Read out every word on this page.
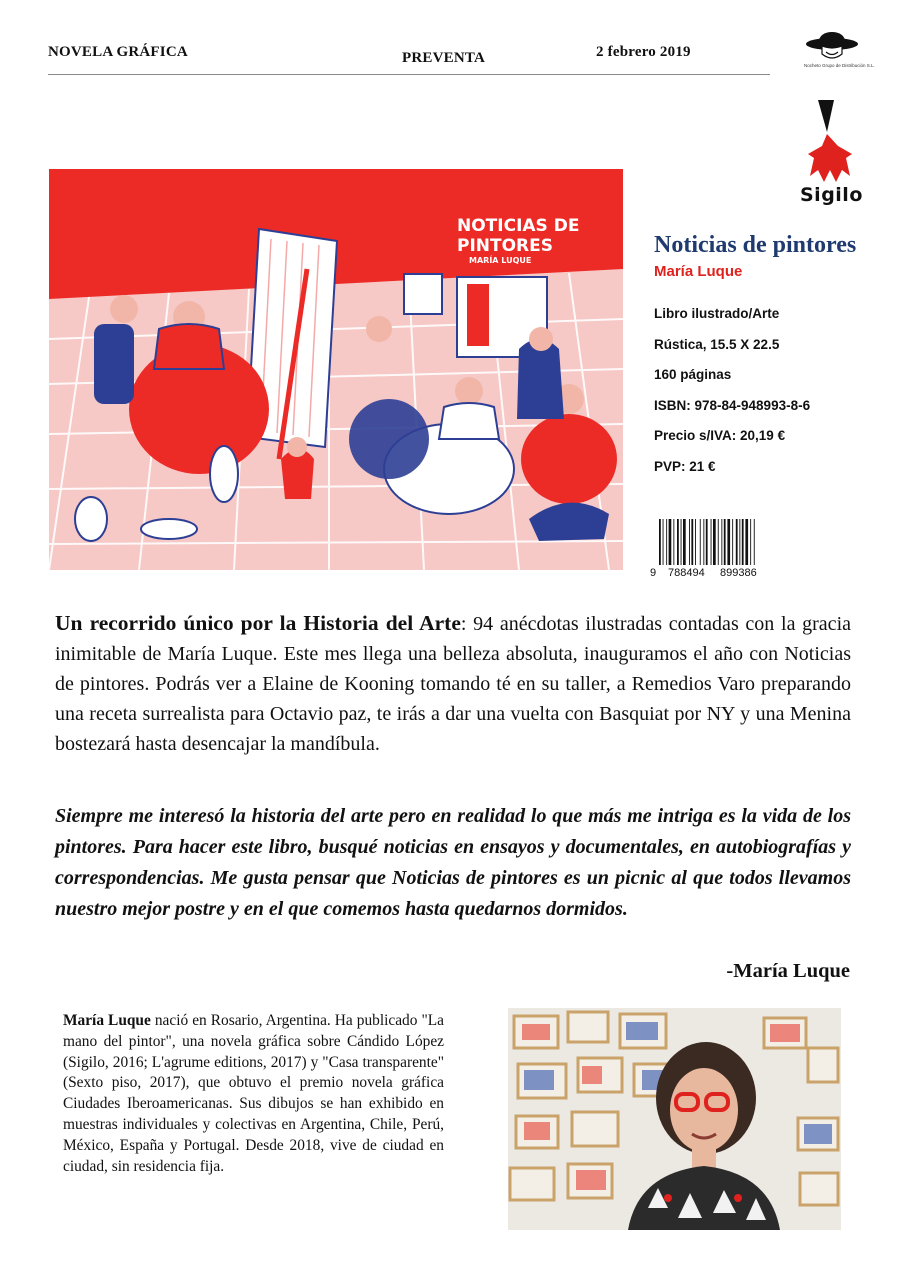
NOVELA GRÁFICA	PREVENTA	2 febrero 2019
Nocheto Grupo de Distribución S.L.
Sigilo
NOTICIAS DE
PINTORES
MARÍA LUQUE
Noticias de pintores
María Luque
Libro ilustrado/Arte
Rústica, 15.5 X 22.5
160 páginas
ISBN: 978-84-948993-8-6
Precio s/IVA: 20,19 €
PVP: 21 €
9 788494 899386

Un recorrido único por la Historia del Arte: 94 anécdotas ilustradas contadas con la gracia inimitable de María Luque. Este mes llega una belleza absoluta, inauguramos el año con Noticias de pintores. Podrás ver a Elaine de Kooning tomando té en su taller, a Remedios Varo preparando una receta surrealista para Octavio paz, te irás a dar una vuelta con Basquiat por NY y una Menina bostezará hasta desencajar la mandíbula.

Siempre me interesó la historia del arte pero en realidad lo que más me intriga es la vida de los pintores. Para hacer este libro, busqué noticias en ensayos y documentales, en autobiografías y correspondencias. Me gusta pensar que Noticias de pintores es un picnic al que todos llevamos nuestro mejor postre y en el que comemos hasta quedarnos dormidos.

-María Luque

María Luque nació en Rosario, Argentina. Ha publicado "La mano del pintor", una novela gráfica sobre Cándido López (Sigilo, 2016; L'agrume editions, 2017) y "Casa transparente" (Sexto piso, 2017), que obtuvo el premio novela gráfica Ciudades Iberoamericanas. Sus dibujos se han exhibido en muestras individuales y colectivas en Argentina, Chile, Perú, México, España y Portugal. Desde 2018, vive de ciudad en ciudad, sin residencia fija.
